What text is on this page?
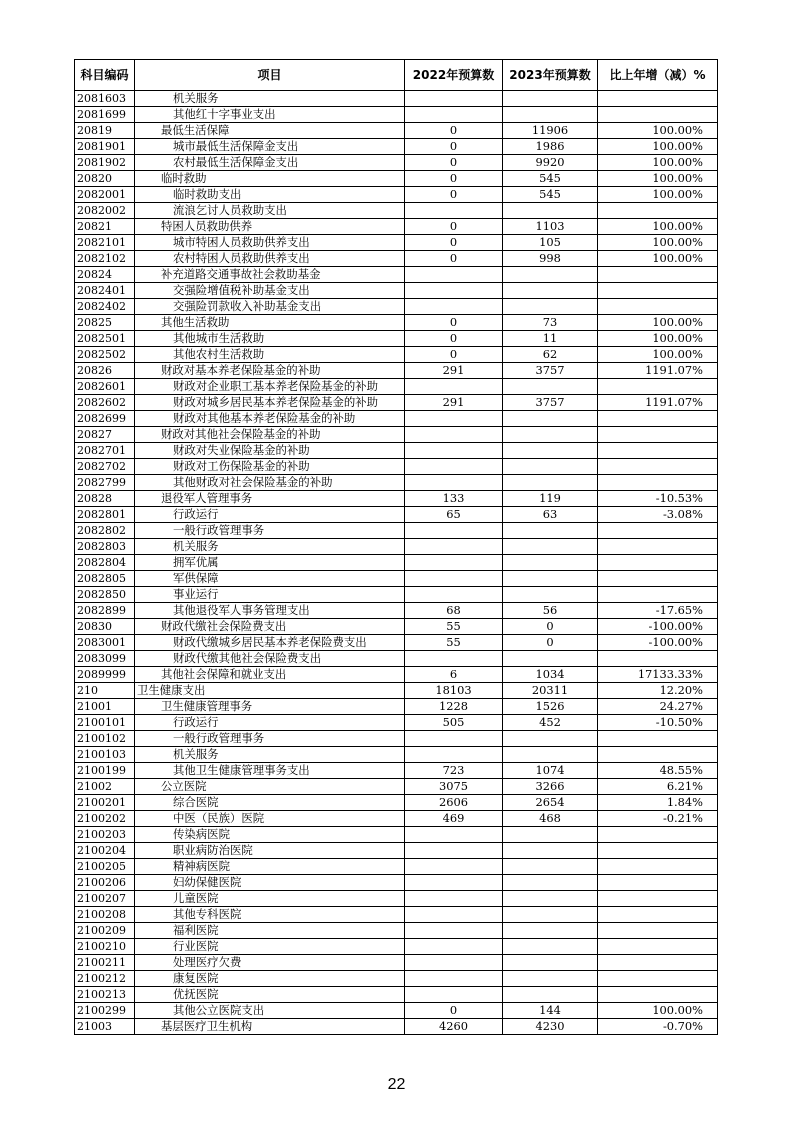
科目编码	项目	2022年预算数	2023年预算数	比上年增（减）%
2081603	机关服务			
2081699	其他红十字事业支出			
20819	最低生活保障	0	11906	100.00%
2081901	城市最低生活保障金支出	0	1986	100.00%
2081902	农村最低生活保障金支出	0	9920	100.00%
20820	临时救助	0	545	100.00%
2082001	临时救助支出	0	545	100.00%
2082002	流浪乞讨人员救助支出			
20821	特困人员救助供养	0	1103	100.00%
2082101	城市特困人员救助供养支出	0	105	100.00%
2082102	农村特困人员救助供养支出	0	998	100.00%
20824	补充道路交通事故社会救助基金			
2082401	交强险增值税补助基金支出			
2082402	交强险罚款收入补助基金支出			
20825	其他生活救助	0	73	100.00%
2082501	其他城市生活救助	0	11	100.00%
2082502	其他农村生活救助	0	62	100.00%
20826	财政对基本养老保险基金的补助	291	3757	1191.07%
2082601	财政对企业职工基本养老保险基金的补助			
2082602	财政对城乡居民基本养老保险基金的补助	291	3757	1191.07%
2082699	财政对其他基本养老保险基金的补助			
20827	财政对其他社会保险基金的补助			
2082701	财政对失业保险基金的补助			
2082702	财政对工伤保险基金的补助			
2082799	其他财政对社会保险基金的补助			
20828	退役军人管理事务	133	119	-10.53%
2082801	行政运行	65	63	-3.08%
2082802	一般行政管理事务			
2082803	机关服务			
2082804	拥军优属			
2082805	军供保障			
2082850	事业运行			
2082899	其他退役军人事务管理支出	68	56	-17.65%
20830	财政代缴社会保险费支出	55	0	-100.00%
2083001	财政代缴城乡居民基本养老保险费支出	55	0	-100.00%
2083099	财政代缴其他社会保险费支出			
2089999	其他社会保障和就业支出	6	1034	17133.33%
210	卫生健康支出	18103	20311	12.20%
21001	卫生健康管理事务	1228	1526	24.27%
2100101	行政运行	505	452	-10.50%
2100102	一般行政管理事务			
2100103	机关服务			
2100199	其他卫生健康管理事务支出	723	1074	48.55%
21002	公立医院	3075	3266	6.21%
2100201	综合医院	2606	2654	1.84%
2100202	中医（民族）医院	469	468	-0.21%
2100203	传染病医院			
2100204	职业病防治医院			
2100205	精神病医院			
2100206	妇幼保健医院			
2100207	儿童医院			
2100208	其他专科医院			
2100209	福利医院			
2100210	行业医院			
2100211	处理医疗欠费			
2100212	康复医院			
2100213	优抚医院			
2100299	其他公立医院支出	0	144	100.00%
21003	基层医疗卫生机构	4260	4230	-0.70%
22
